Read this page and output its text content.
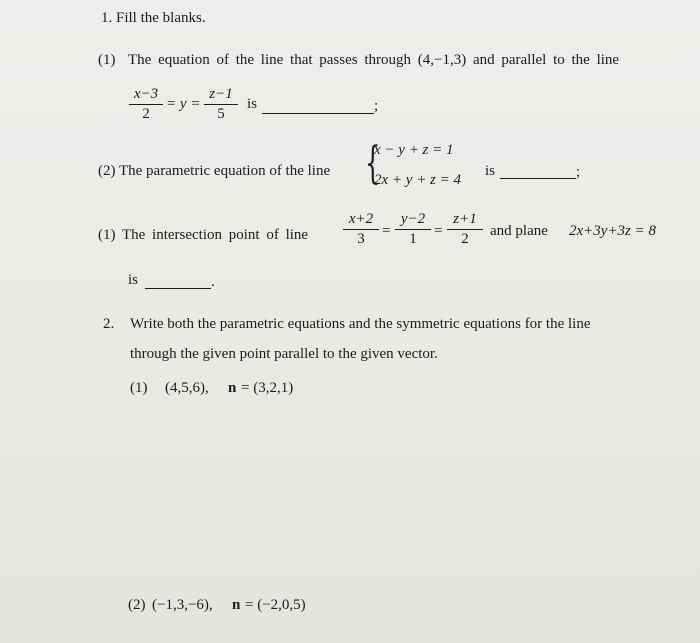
1. Fill the blanks.
(1) The equation of the line that passes through (4,−1,3) and parallel to the line
x−3
2
= y =
z−1
5
is	;
(2) The parametric equation of the line {
x − y + z = 1
2x + y + z = 4
is	;
(1) The intersection point of line
x+2
3	=
y−2
1	=
z+1
2	and plane 2x+3y+3z = 8
is	.
2. Write both the parametric equations and the symmetric equations for the line
through the given point parallel to the given vector.
(1) (4,5,6), n = (3,2,1)
(2) (−1,3,−6), n = (−2,0,5)
